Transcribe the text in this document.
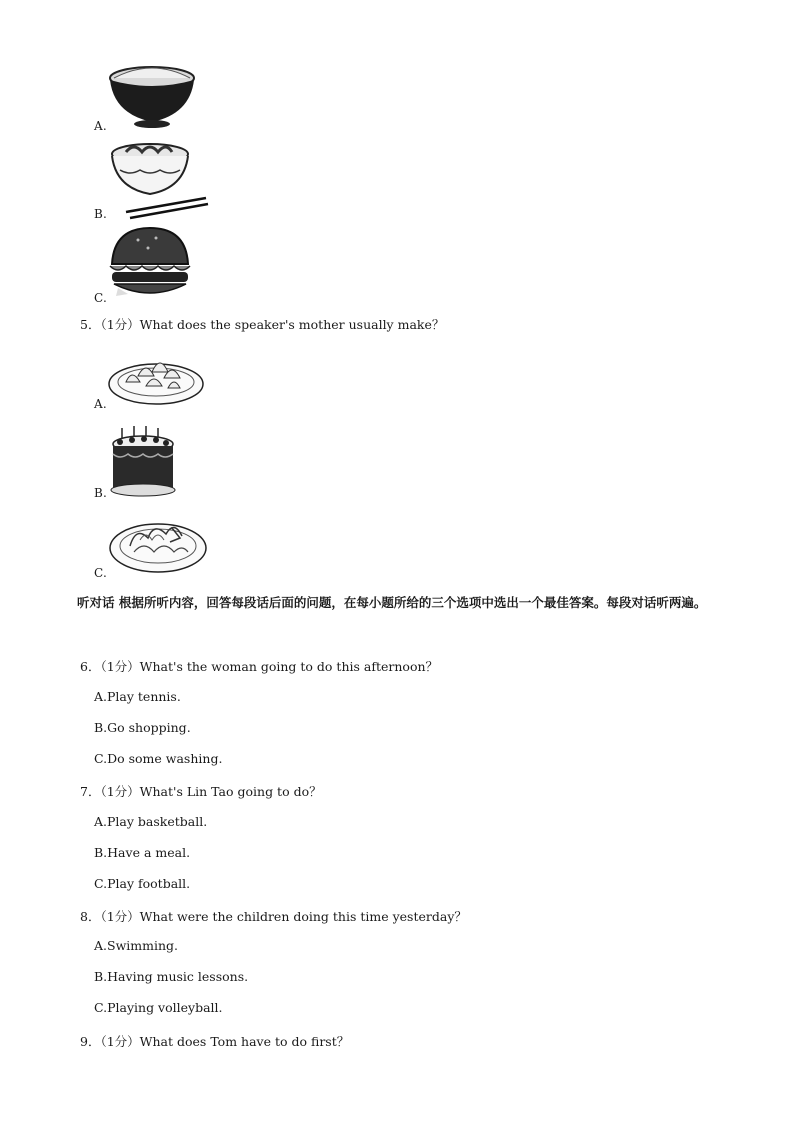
A.
B.
C.
5．（1分）What does the speaker's mother usually make？
A.
B.
C.
听对话 根据所听内容，回答每段话后面的问题，在每小题所给的三个选项中选出一个最佳答案。每段对话听两遍。
6．（1分）What's the woman going to do this afternoon？
A.Play tennis.
B.Go shopping.
C.Do some washing.
7．（1分）What's Lin Tao going to do？
A.Play basketball.
B.Have a meal.
C.Play football.
8．（1分）What were the children doing this time yesterday？
A.Swimming.
B.Having music lessons.
C.Playing volleyball.
9．（1分）What does Tom have to do first？
